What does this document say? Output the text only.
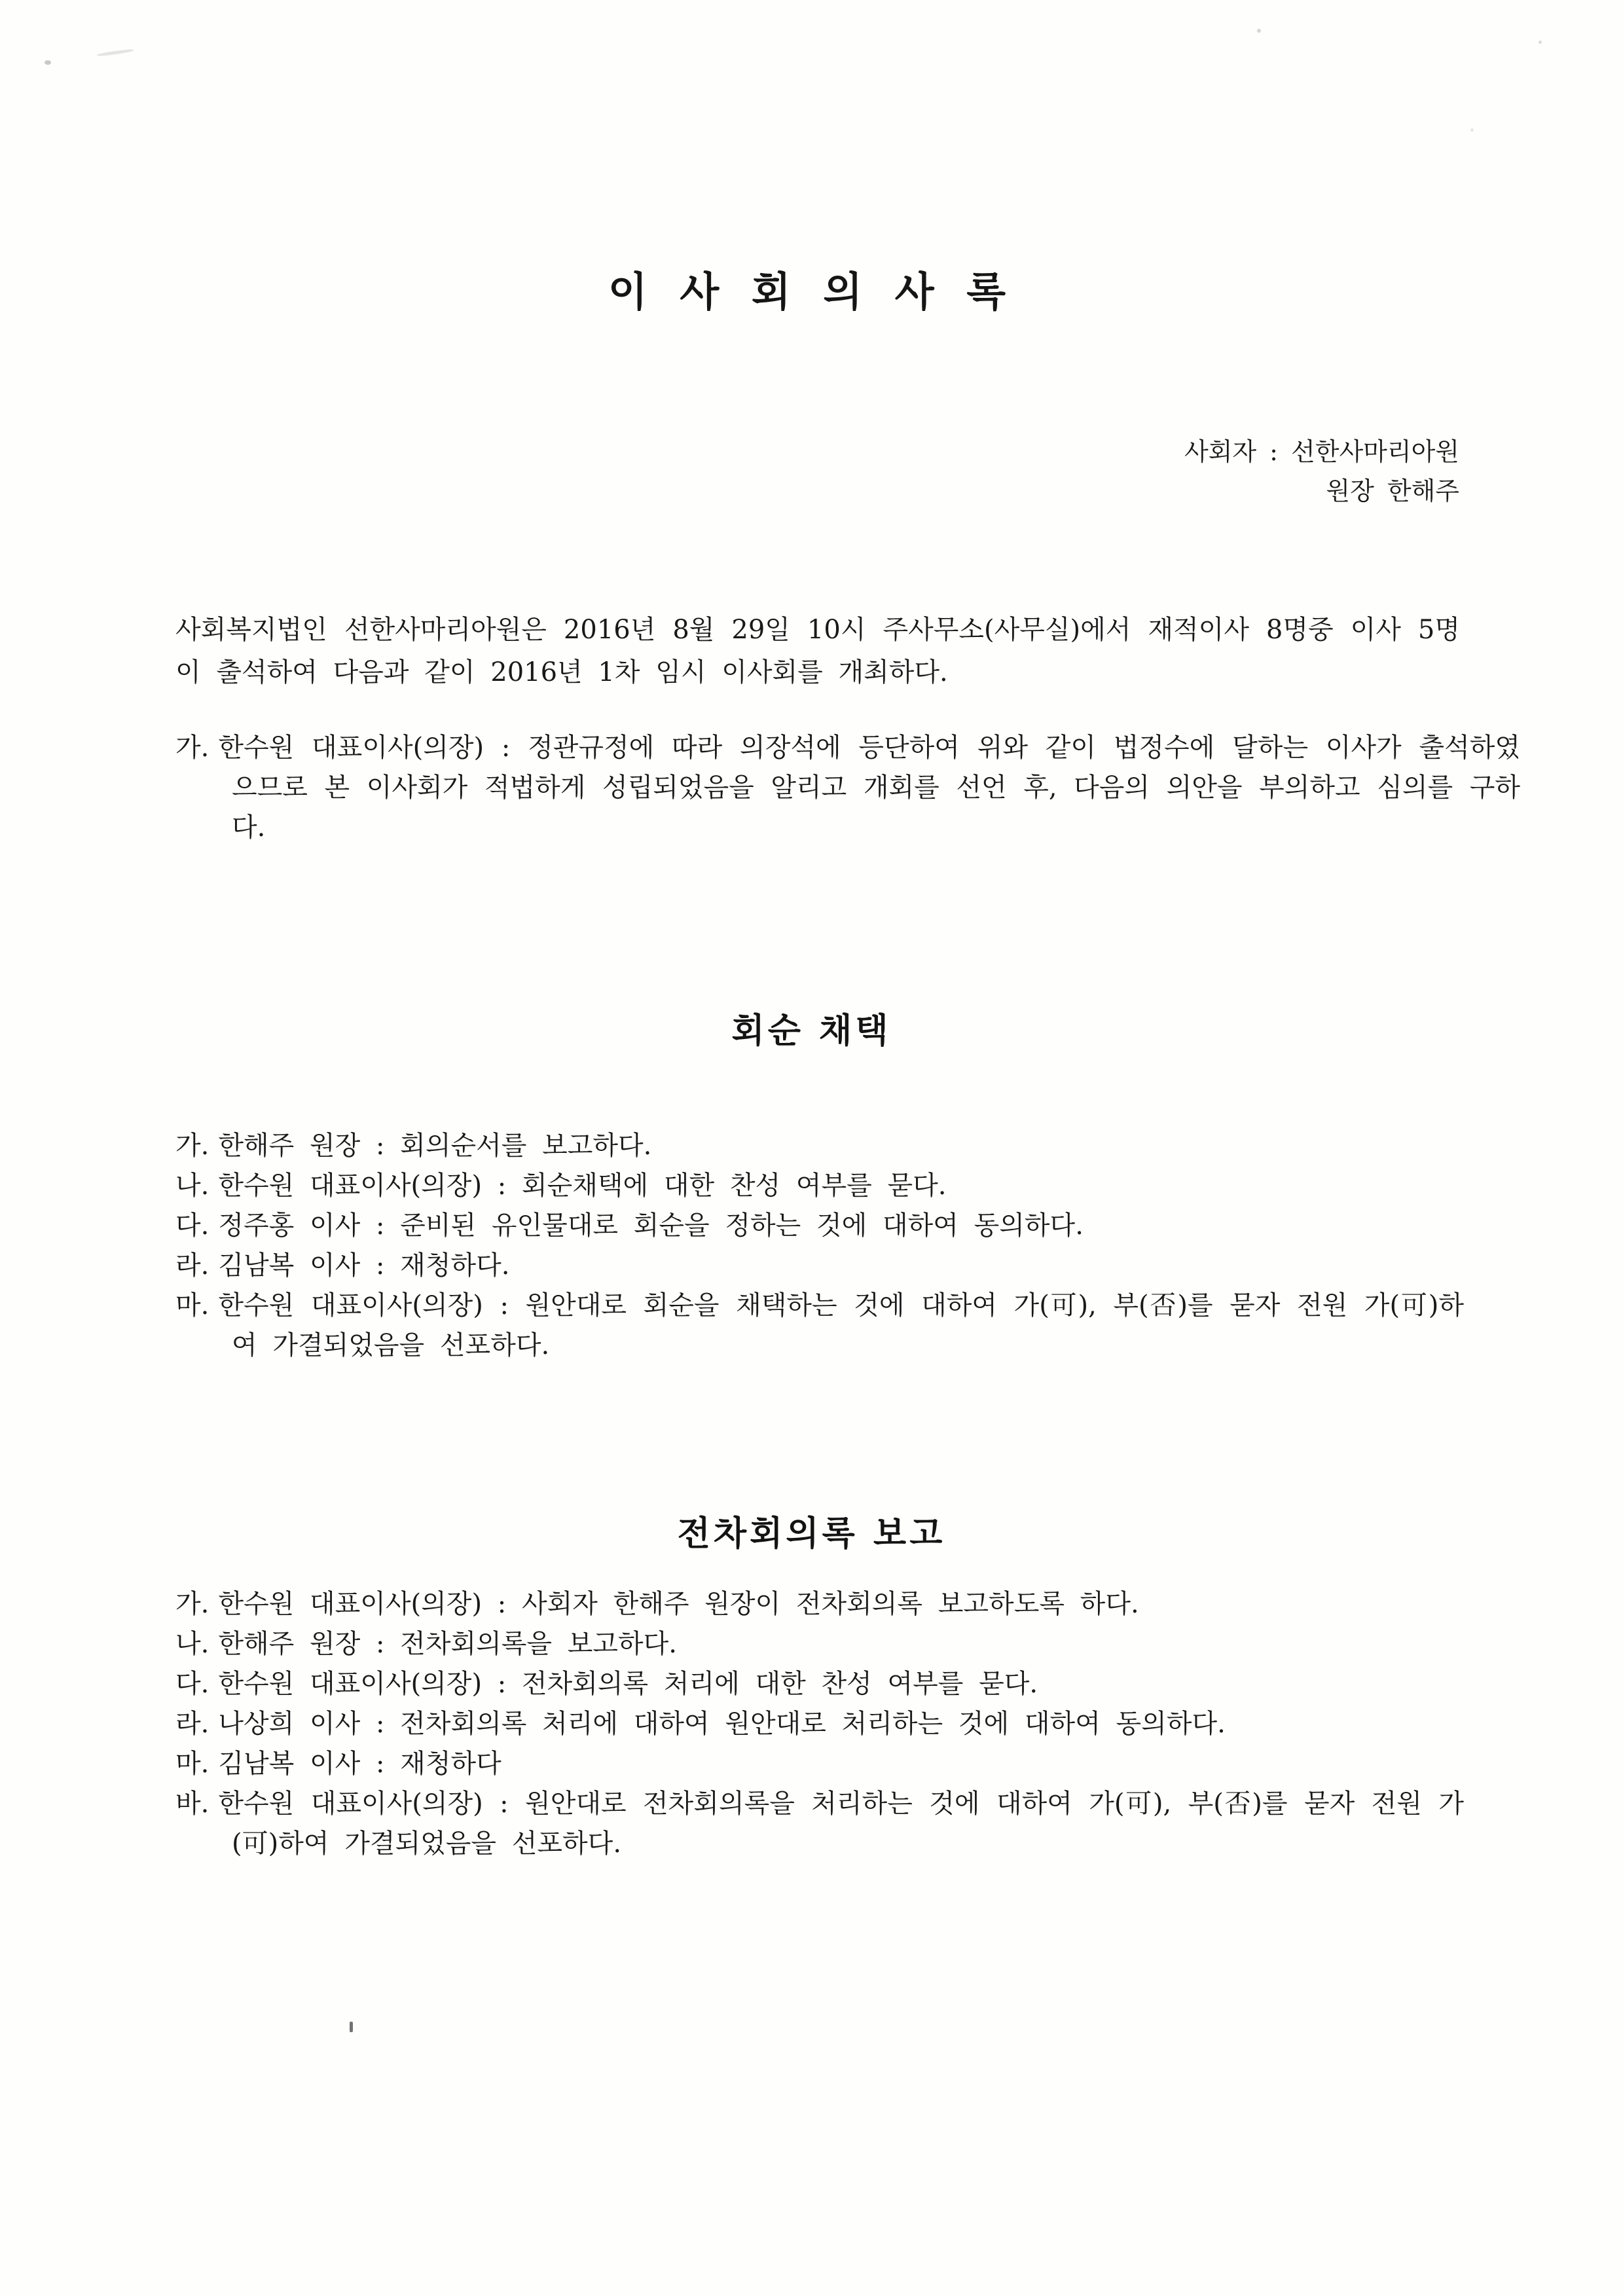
이 사 회 의 사 록
사회자 : 선한사마리아원
원장 한해주

사회복지법인 선한사마리아원은 2016년 8월 29일 10시 주사무소(사무실)에서 재적이사 8명중 이사 5명이 출석하여 다음과 같이 2016년 1차 임시 이사회를 개최하다.

가. 한수원 대표이사(의장) : 정관규정에 따라 의장석에 등단하여 위와 같이 법정수에 달하는 이사가 출석하였으므로 본 이사회가 적법하게 성립되었음을 알리고 개회를 선언 후, 다음의 의안을 부의하고 심의를 구하다.
회순 채택
가. 한해주 원장 : 회의순서를 보고하다.
나. 한수원 대표이사(의장) : 회순채택에 대한 찬성 여부를 묻다.
다. 정주홍 이사 : 준비된 유인물대로 회순을 정하는 것에 대하여 동의하다.
라. 김남복 이사 : 재청하다.
마. 한수원 대표이사(의장) : 원안대로 회순을 채택하는 것에 대하여 가(可), 부(否)를 묻자 전원 가(可)하여 가결되었음을 선포하다.
전차회의록 보고
가. 한수원 대표이사(의장) : 사회자 한해주 원장이 전차회의록 보고하도록 하다.
나. 한해주 원장 : 전차회의록을 보고하다.
다. 한수원 대표이사(의장) : 전차회의록 처리에 대한 찬성 여부를 묻다.
라. 나상희 이사 : 전차회의록 처리에 대하여 원안대로 처리하는 것에 대하여 동의하다.
마. 김남복 이사 : 재청하다
바. 한수원 대표이사(의장) : 원안대로 전차회의록을 처리하는 것에 대하여 가(可), 부(否)를 묻자 전원 가(可)하여 가결되었음을 선포하다.
